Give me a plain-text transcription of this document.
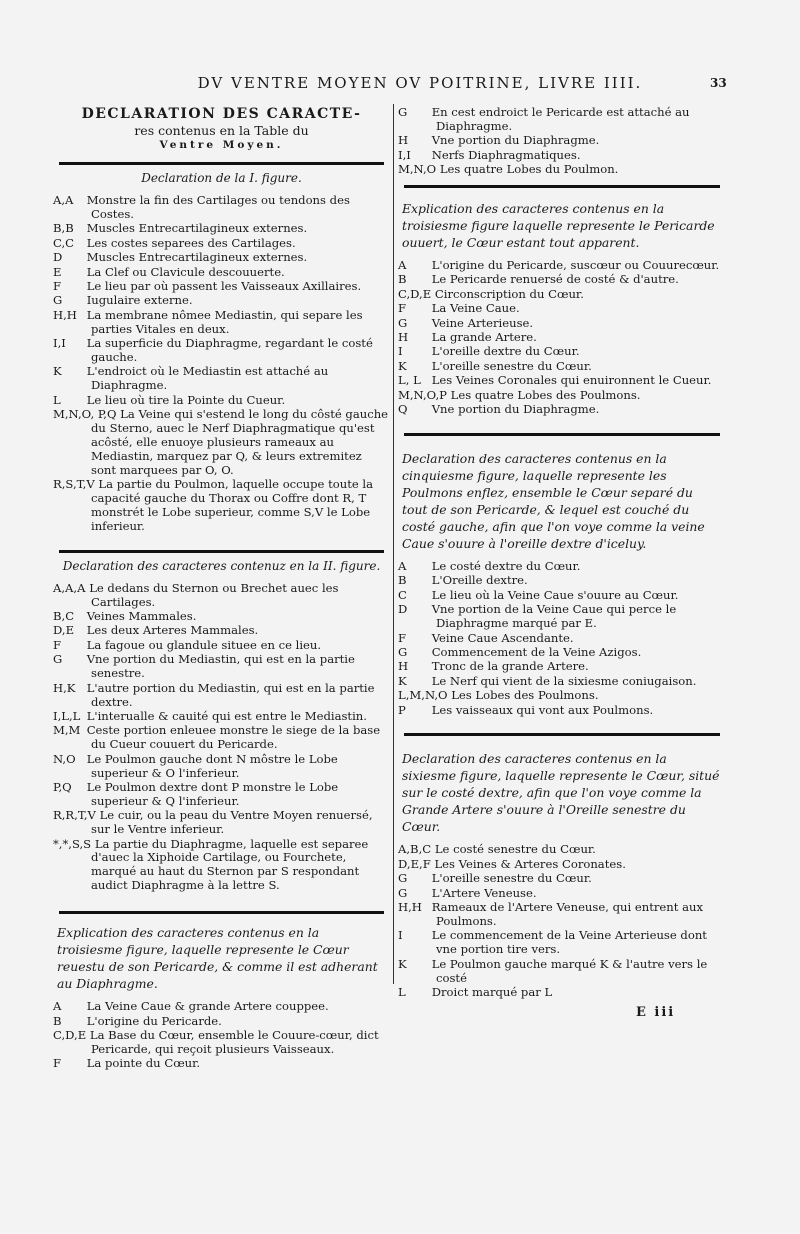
DV VENTRE MOYEN OV POITRINE, LIVRE IIII.	33
DECLARATION DES CARACTE-
res contenus en la Table du
Ventre Moyen.
Declaration de la I. figure.
A,A Monstre la fin des Cartilages ou tendons des Costes.
B,B Muscles Entrecartilagineux externes.
C,C Les costes separees des Cartilages.
D Muscles Entrecartilagineux externes.
E La Clef ou Clavicule descouuerte.
F Le lieu par où passent les Vaisseaux Axillaires.
G Iugulaire externe.
H,H La membrane nômee Mediastin, qui separe les parties Vitales en deux.
I,I La superficie du Diaphragme, regardant le costé gauche.
K L'endroict où le Mediastin est attaché au Diaphragme.
L Le lieu où tire la Pointe du Cueur.
M,N,O, P,Q La Veine qui s'estend le long du côsté gauche du Sterno, auec le Nerf Diaphragmatique qu'est acôsté, elle enuoye plusieurs rameaux au Mediastin, marquez par Q, & leurs extremitez sont marquees par O, O.
R,S,T,V La partie du Poulmon, laquelle occupe toute la capacité gauche du Thorax ou Coffre dont R, T monstrét le Lobe superieur, comme S,V le Lobe inferieur.
Declaration des caracteres contenuz en la II. figure.
A,A,A Le dedans du Sternon ou Brechet auec les Cartilages.
B,C Veines Mammales.
D,E Les deux Arteres Mammales.
F La fagoue ou glandule situee en ce lieu.
G Vne portion du Mediastin, qui est en la partie senestre.
H,K L'autre portion du Mediastin, qui est en la partie dextre.
I,L,L L'interualle & cauité qui est entre le Mediastin.
M,M Ceste portion enleuee monstre le siege de la base du Cueur couuert du Pericarde.
N,O Le Poulmon gauche dont N môstre le Lobe superieur & O l'inferieur.
P,Q Le Poulmon dextre dont P monstre le Lobe superieur & Q l'inferieur.
R,R,T,V Le cuir, ou la peau du Ventre Moyen renuersé, sur le Ventre inferieur.
*,*,S,S La partie du Diaphragme, laquelle est separee d'auec la Xiphoide Cartilage, ou Fourchete, marqué au haut du Sternon par S respondant audict Diaphragme à la lettre S.
Explication des caracteres contenus en la troisiesme figure, laquelle represente le Cœur reuestu de son Pericarde, & comme il est adherant au Diaphragme.
A La Veine Caue & grande Artere couppee.
B L'origine du Pericarde.
C,D,E La Base du Cœur, ensemble le Couure-cœur, dict Pericarde, qui reçoit plusieurs Vaisseaux.
F La pointe du Cœur.
G En cest endroict le Pericarde est attaché au Diaphragme.
H Vne portion du Diaphragme.
I,I Nerfs Diaphragmatiques.
M,N,O Les quatre Lobes du Poulmon.
Explication des caracteres contenus en la troisiesme figure laquelle represente le Pericarde ouuert, le Cœur estant tout apparent.
A L'origine du Pericarde, suscœur ou Couurecœur.
B Le Pericarde renuersé de costé & d'autre.
C,D,E Circonscription du Cœur.
F La Veine Caue.
G Veine Arterieuse.
H La grande Artere.
I	L'oreille dextre du Cœur.
K L'oreille senestre du Cœur.
L, L Les Veines Coronales qui enuironnent le Cueur.
M,N,O,P Les quatre Lobes des Poulmons.
Q Vne portion du Diaphragme.
Declaration des caracteres contenus en la cinquiesme figure, laquelle represente les Poulmons enflez, ensemble le Cœur separé du tout de son Pericarde, & lequel est couché du costé gauche, afin que l'on voye comme la veine Caue s'ouure à l'oreille dextre d'iceluy.
A Le costé dextre du Cœur.
B L'Oreille dextre.
C Le lieu où la Veine Caue s'ouure au Cœur.
D Vne portion de la Veine Caue qui perce le Diaphragme marqué par E.
F Veine Caue Ascendante.
G Commencement de la Veine Azigos.
H Tronc de la grande Artere.
K Le Nerf qui vient de la sixiesme coniugaison.
L,M,N,O Les Lobes des Poulmons.
P Les vaisseaux qui vont aux Poulmons.
Declaration des caracteres contenus en la sixiesme figure, laquelle represente le Cœur, situé sur le costé dextre, afin que l'on voye comme la Grande Artere s'ouure à l'Oreille senestre du Cœur.
A,B,C Le costé senestre du Cœur.
D,E,F Les Veines & Arteres Coronates.
G L'oreille senestre du Cœur.
G L'Artere Veneuse.
H,H Rameaux de l'Artere Veneuse, qui entrent aux Poulmons.
I	Le commencement de la Veine Arterieuse dont vne portion tire vers.
K Le Poulmon gauche marqué K & l'autre vers le costé
L Droict marqué par L
E iii
